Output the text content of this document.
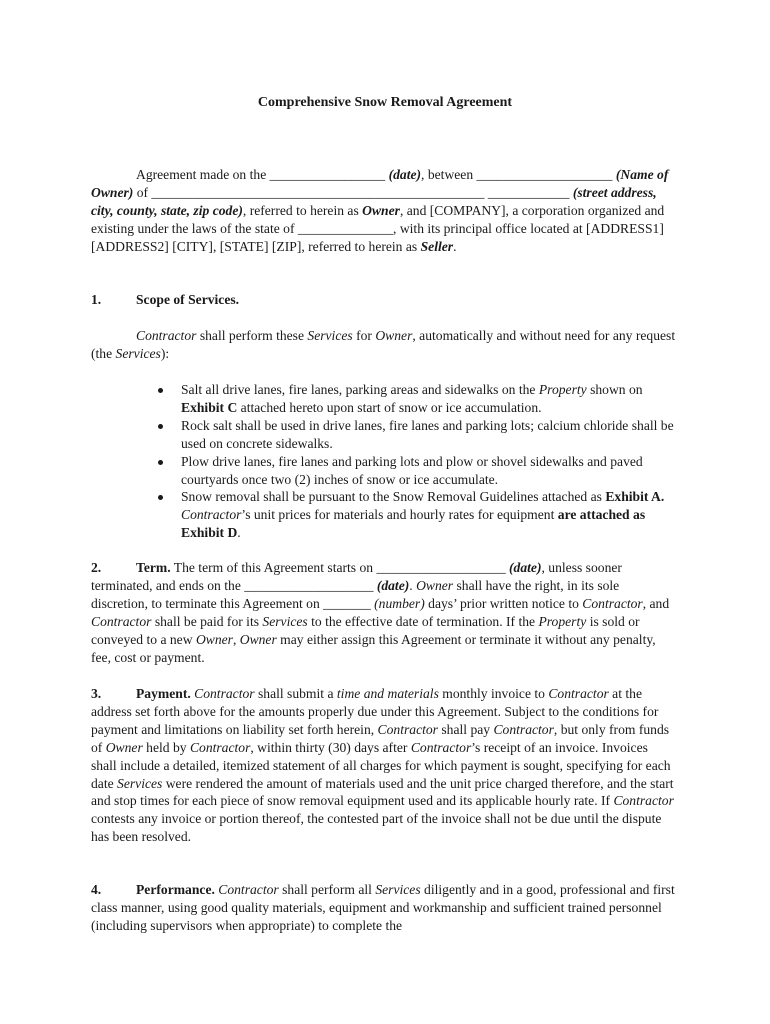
Comprehensive Snow Removal Agreement
Agreement made on the _________________ (date), between ____________________ (Name of Owner) of _________________________________________________ ____________ (street address, city, county, state, zip code), referred to herein as Owner, and [COMPANY], a corporation organized and existing under the laws of the state of ______________, with its principal office located at [ADDRESS1] [ADDRESS2] [CITY], [STATE] [ZIP], referred to herein as Seller.
1.	Scope of Services.
Contractor shall perform these Services for Owner, automatically and without need for any request (the Services):
Salt all drive lanes, fire lanes, parking areas and sidewalks on the Property shown on Exhibit C attached hereto upon start of snow or ice accumulation.
Rock salt shall be used in drive lanes, fire lanes and parking lots; calcium chloride shall be used on concrete sidewalks.
Plow drive lanes, fire lanes and parking lots and plow or shovel sidewalks and paved courtyards once two (2) inches of snow or ice accumulate.
Snow removal shall be pursuant to the Snow Removal Guidelines attached as Exhibit A. Contractor’s unit prices for materials and hourly rates for equipment are attached as Exhibit D.
2.	Term. The term of this Agreement starts on ___________________ (date), unless sooner terminated, and ends on the ___________________ (date). Owner shall have the right, in its sole discretion, to terminate this Agreement on _______ (number) days’ prior written notice to Contractor, and Contractor shall be paid for its Services to the effective date of termination. If the Property is sold or conveyed to a new Owner, Owner may either assign this Agreement or terminate it without any penalty, fee, cost or payment.
3.	Payment. Contractor shall submit a time and materials monthly invoice to Contractor at the address set forth above for the amounts properly due under this Agreement. Subject to the conditions for payment and limitations on liability set forth herein, Contractor shall pay Contractor, but only from funds of Owner held by Contractor, within thirty (30) days after Contractor’s receipt of an invoice. Invoices shall include a detailed, itemized statement of all charges for which payment is sought, specifying for each date Services were rendered the amount of materials used and the unit price charged therefore, and the start and stop times for each piece of snow removal equipment used and its applicable hourly rate. If Contractor contests any invoice or portion thereof, the contested part of the invoice shall not be due until the dispute has been resolved.
4.	Performance. Contractor shall perform all Services diligently and in a good, professional and first class manner, using good quality materials, equipment and workmanship and sufficient trained personnel (including supervisors when appropriate) to complete the
